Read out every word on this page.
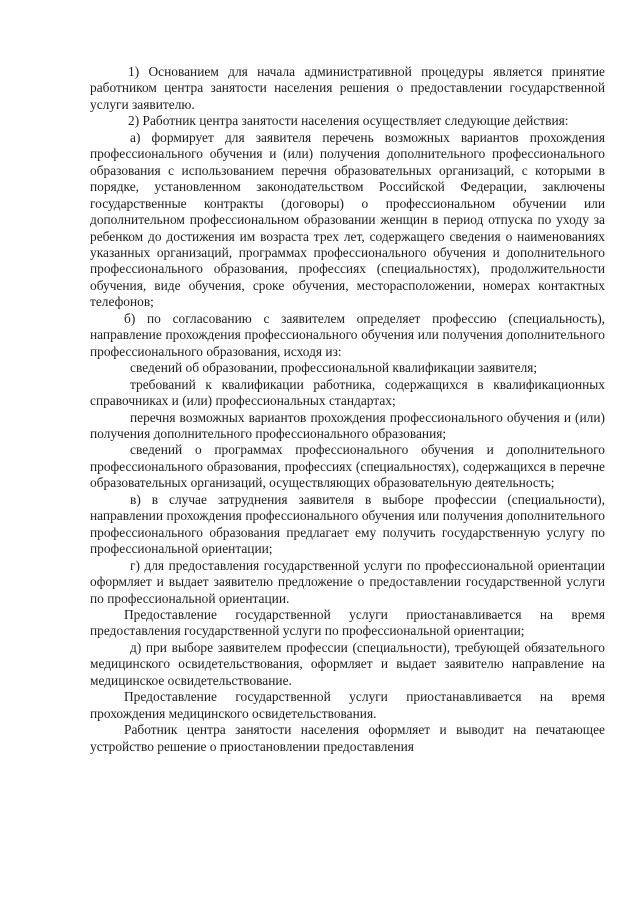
1) Основанием для начала административной процедуры является принятие работником центра занятости населения решения о предоставлении государственной услуги заявителю.

2) Работник центра занятости населения осуществляет следующие действия:

а) формирует для заявителя перечень возможных вариантов прохождения профессионального обучения и (или) получения дополнительного профессионального образования с использованием перечня образовательных организаций, с которыми в порядке, установленном законодательством Российской Федерации, заключены государственные контракты (договоры) о профессиональном обучении или дополнительном профессиональном образовании женщин в период отпуска по уходу за ребенком до достижения им возраста трех лет, содержащего сведения о наименованиях указанных организаций, программах профессионального обучения и дополнительного профессионального образования, профессиях (специальностях), продолжительности обучения, виде обучения, сроке обучения, месторасположении, номерах контактных телефонов;

б) по согласованию с заявителем определяет профессию (специальность), направление прохождения профессионального обучения или получения дополнительного профессионального образования, исходя из:

сведений об образовании, профессиональной квалификации заявителя;

требований к квалификации работника, содержащихся в квалификационных справочниках и (или) профессиональных стандартах;

перечня возможных вариантов прохождения профессионального обучения и (или) получения дополнительного профессионального образования;

сведений о программах профессионального обучения и дополнительного профессионального образования, профессиях (специальностях), содержащихся в перечне образовательных организаций, осуществляющих образовательную деятельность;

в) в случае затруднения заявителя в выборе профессии (специальности), направлении прохождения профессионального обучения или получения дополнительного профессионального образования предлагает ему получить государственную услугу по профессиональной ориентации;

г) для предоставления государственной услуги по профессиональной ориентации оформляет и выдает заявителю предложение о предоставлении государственной услуги по профессиональной ориентации.

Предоставление государственной услуги приостанавливается на время предоставления государственной услуги по профессиональной ориентации;

д) при выборе заявителем профессии (специальности), требующей обязательного медицинского освидетельствования, оформляет и выдает заявителю направление на медицинское освидетельствование.

Предоставление государственной услуги приостанавливается на время прохождения медицинского освидетельствования.

Работник центра занятости населения оформляет и выводит на печатающее устройство решение о приостановлении предоставления
